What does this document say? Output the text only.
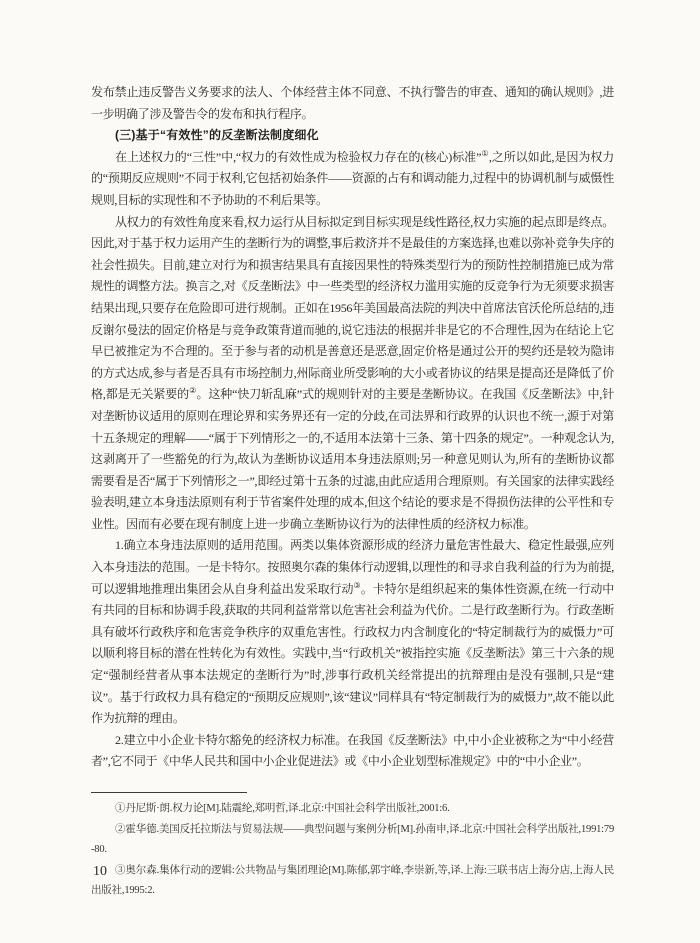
发布禁止违反警告义务要求的法人、个体经营主体不同意、不执行警告的审查、通知的确认规则》,进一步明确了涉及警告令的发布和执行程序。
(三)基于“有效性”的反垄断法制度细化
在上述权力的“三性”中,“权力的有效性成为检验权力存在的(核心)标准”①,之所以如此,是因为权力的“预期反应规则”不同于权利,它包括初始条件——资源的占有和调动能力,过程中的协调机制与威慑性规则,目标的实现性和不予协助的不利后果等。
从权力的有效性角度来看,权力运行从目标拟定到目标实现是线性路径,权力实施的起点即是终点。因此,对于基于权力运用产生的垄断行为的调整,事后救济并不是最佳的方案选择,也难以弥补竞争失序的社会性损失。目前,建立对行为和损害结果具有直接因果性的特殊类型行为的预防性控制措施已成为常规性的调整方法。换言之,对《反垄断法》中一些类型的经济权力滥用实施的反竞争行为无须要求损害结果出现,只要存在危险即可进行规制。正如在1956年美国最高法院的判决中首席法官沃伦所总结的,违反谢尔曼法的固定价格是与竞争政策背道而驰的,说它违法的根据并非是它的不合理性,因为在结论上它早已被推定为不合理的。至于参与者的动机是善意还是恶意,固定价格是通过公开的契约还是较为隐讳的方式达成,参与者是否具有市场控制力,州际商业所受影响的大小或者协议的结果是提高还是降低了价格,都是无关紧要的②。这种“快刀斩乱麻”式的规则针对的主要是垄断协议。在我国《反垄断法》中,针对垄断协议适用的原则在理论界和实务界还有一定的分歧,在司法界和行政界的认识也不统一,源于对第十五条规定的理解——“属于下列情形之一的,不适用本法第十三条、第十四条的规定”。一种观念认为,这剥离开了一些豁免的行为,故认为垄断协议适用本身违法原则;另一种意见则认为,所有的垄断协议都需要看是否“属于下列情形之一”,即经过第十五条的过滤,由此应适用合理原则。有关国家的法律实践经验表明,建立本身违法原则有利于节省案件处理的成本,但这个结论的要求是不得损伤法律的公平性和专业性。因而有必要在现有制度上进一步确立垄断协议行为的法律性质的经济权力标准。
1.确立本身违法原则的适用范围。两类以集体资源形成的经济力量危害性最大、稳定性最强,应列入本身违法的范围。一是卡特尔。按照奥尔森的集体行动逻辑,以理性的和寻求自我利益的行为为前提,可以逻辑地推理出集团会从自身利益出发采取行动③。卡特尔是组织起来的集体性资源,在统一行动中有共同的目标和协调手段,获取的共同利益常常以危害社会利益为代价。二是行政垄断行为。行政垄断具有破坏行政秩序和危害竞争秩序的双重危害性。行政权力内含制度化的“特定制裁行为的威慑力”可以顺利将目标的潜在性转化为有效性。实践中,当“行政机关”被指控实施《反垄断法》第三十六条的规定“强制经营者从事本法规定的垄断行为”时,涉事行政机关经常提出的抗辩理由是没有强制,只是“建议”。基于行政权力具有稳定的“预期反应规则”,该“建议”同样具有“特定制裁行为的威慑力”,故不能以此作为抗辩的理由。
2.建立中小企业卡特尔豁免的经济权力标准。在我国《反垄断法》中,中小企业被称之为“中小经营者”,它不同于《中华人民共和国中小企业促进法》或《中小企业划型标准规定》中的“中小企业”。
①丹尼斯·朗.权力论[M].陆震纶,郑明哲,译.北京:中国社会科学出版社,2001:6.
②霍华德.美国反托拉斯法与贸易法规——典型问题与案例分析[M].孙南申,译.北京:中国社会科学出版社,1991:79-80.
③奥尔森.集体行动的逻辑:公共物品与集团理论[M].陈郁,郭宇峰,李崇新,等,译.上海:三联书店上海分店,上海人民出版社,1995:2.
10
